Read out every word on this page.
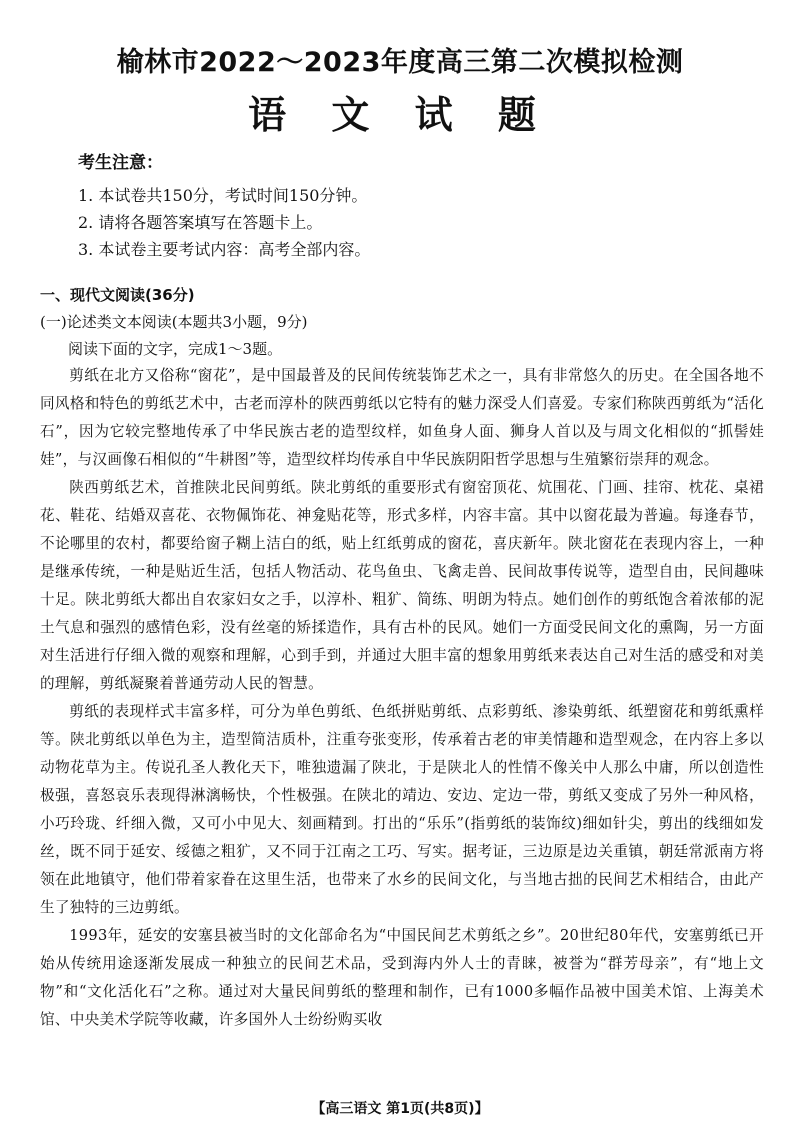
榆林市2022～2023年度高三第二次模拟检测
语 文 试 题
考生注意：
1. 本试卷共150分，考试时间150分钟。
2. 请将各题答案填写在答题卡上。
3. 本试卷主要考试内容：高考全部内容。
一、现代文阅读(36分)
(一)论述类文本阅读(本题共3小题，9分)
阅读下面的文字，完成1～3题。

剪纸在北方又俗称“窗花”，是中国最普及的民间传统装饰艺术之一，具有非常悠久的历史。在全国各地不同风格和特色的剪纸艺术中，古老而淳朴的陕西剪纸以它特有的魅力深受人们喜爱。专家们称陕西剪纸为“活化石”，因为它较完整地传承了中华民族古老的造型纹样，如鱼身人面、狮身人首以及与周文化相似的“抓髻娃娃”，与汉画像石相似的“牛耕图”等，造型纹样均传承自中华民族阴阳哲学思想与生殖繁衍崇拜的观念。

陕西剪纸艺术，首推陕北民间剪纸。陕北剪纸的重要形式有窗窑顶花、炕围花、门画、挂帘、枕花、桌裙花、鞋花、结婚双喜花、衣物佩饰花、神龛贴花等，形式多样，内容丰富。其中以窗花最为普遍。每逢春节，不论哪里的农村，都要给窗子糊上洁白的纸，贴上红纸剪成的窗花，喜庆新年。陕北窗花在表现内容上，一种是继承传统，一种是贴近生活，包括人物活动、花鸟鱼虫、飞禽走兽、民间故事传说等，造型自由，民间趣味十足。陕北剪纸大都出自农家妇女之手，以淳朴、粗犷、简练、明朗为特点。她们创作的剪纸饱含着浓郁的泥土气息和强烈的感情色彩，没有丝毫的矫揉造作，具有古朴的民风。她们一方面受民间文化的熏陶，另一方面对生活进行仔细入微的观察和理解，心到手到，并通过大胆丰富的想象用剪纸来表达自己对生活的感受和对美的理解，剪纸凝聚着普通劳动人民的智慧。

剪纸的表现样式丰富多样，可分为单色剪纸、色纸拼贴剪纸、点彩剪纸、渗染剪纸、纸塑窗花和剪纸熏样等。陕北剪纸以单色为主，造型简洁质朴，注重夸张变形，传承着古老的审美情趣和造型观念，在内容上多以动物花草为主。传说孔圣人教化天下，唯独遗漏了陕北，于是陕北人的性情不像关中人那么中庸，所以创造性极强，喜怒哀乐表现得淋漓畅快，个性极强。在陕北的靖边、安边、定边一带，剪纸又变成了另外一种风格，小巧玲珑、纤细入微，又可小中见大、刻画精到。打出的“乐乐”(指剪纸的装饰纹)细如针尖，剪出的线细如发丝，既不同于延安、绥德之粗犷，又不同于江南之工巧、写实。据考证，三边原是边关重镇，朝廷常派南方将领在此地镇守，他们带着家眷在这里生活，也带来了水乡的民间文化，与当地古拙的民间艺术相结合，由此产生了独特的三边剪纸。

1993年，延安的安塞县被当时的文化部命名为“中国民间艺术剪纸之乡”。20世纪80年代，安塞剪纸已开始从传统用途逐渐发展成一种独立的民间艺术品，受到海内外人士的青睐，被誉为“群芳母亲”，有“地上文物”和“文化活化石”之称。通过对大量民间剪纸的整理和制作，已有1000多幅作品被中国美术馆、上海美术馆、中央美术学院等收藏，许多国外人士纷纷购买收

【高三语文 第1页(共8页)】
